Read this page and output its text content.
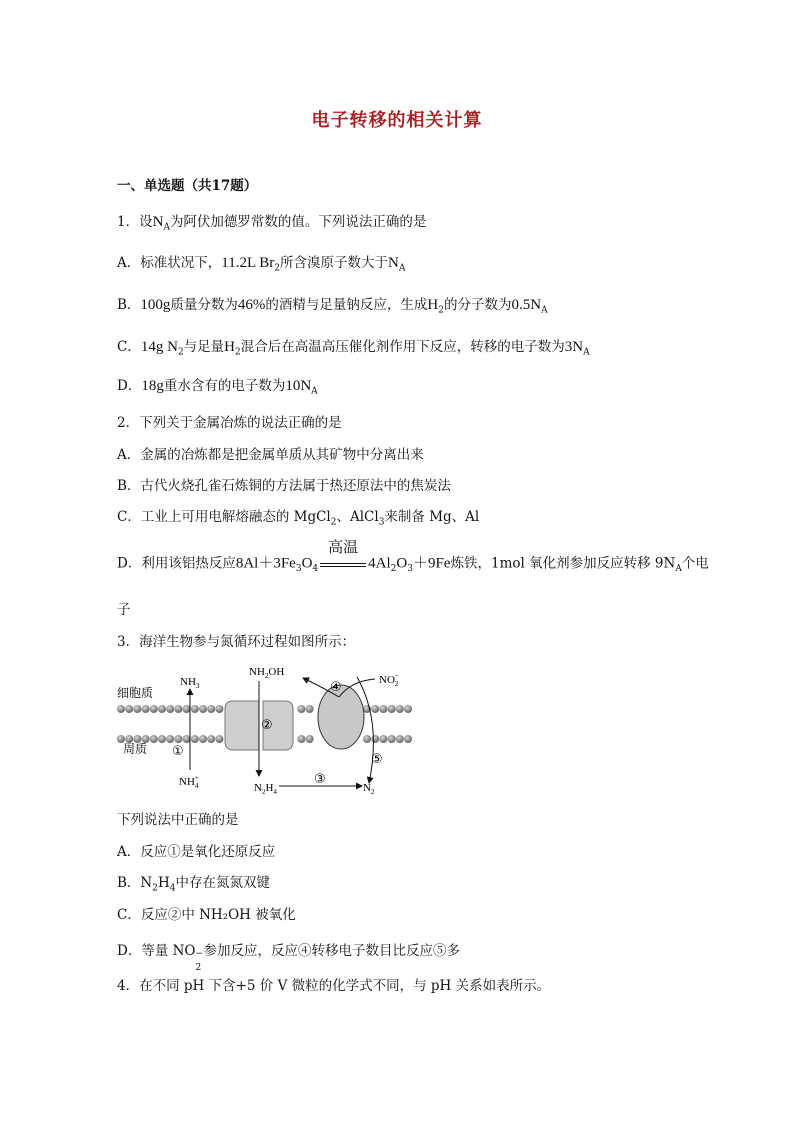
电子转移的相关计算
一、单选题（共17题）
1．设$N_A$为阿伏加德罗常数的值。下列说法正确的是
A．标准状况下，11.2L $Br_2$所含溴原子数大于$N_A$
B．100g质量分数为46%的酒精与足量钠反应，生成$H_2$的分子数为$0.5N_A$
C．14g $N_2$与足量$H_2$混合后在高温高压催化剂作用下反应，转移的电子数为$3N_A$
D．18g重水含有的电子数为$10N_A$
2．下列关于金属冶炼的说法正确的是
A．金属的冶炼都是把金属单质从其矿物中分离出来
B．古代火烧孔雀石炼铜的方法属于热还原法中的焦炭法
C．工业上可用电解熔融态的 MgCl$_2$、AlCl$_3$来制备 Mg、Al
D．利用该铝热反应$8Al+3Fe_3O_4$
高温
$4Al_2O_3+9Fe$炼铁，1mol 氧化剂参加反应转移 $9N_A$个电
子
3．海洋生物参与氮循环过程如图所示：
细胞质
周质
$NH_3$
NH+ 4
$NH_2OH$
$N_2H_4$	$N_2$
NO− 2
①
②
③
④
⑤
下列说法中正确的是
A．反应①是氧化还原反应
B．$N_2H_4$中存在氮氮双键
C．反应②中 NH₂OH 被氧化
D．等量 NO −
2
参加反应，反应④转移电子数目比反应⑤多
4．在不同 pH 下含+5 价 V 微粒的化学式不同，与 pH 关系如表所示。
